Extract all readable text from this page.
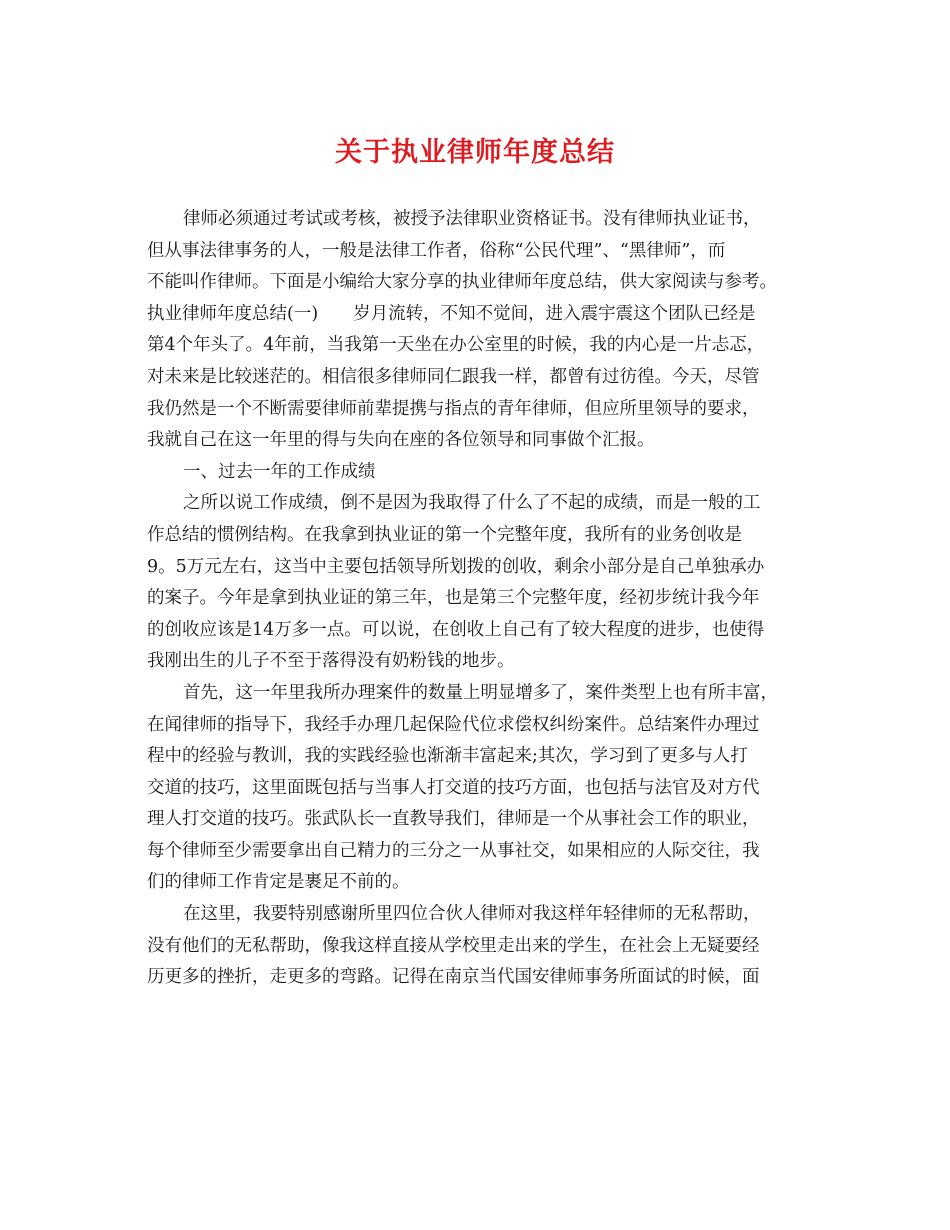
关于执业律师年度总结

律师必须通过考试或考核，被授予法律职业资格证书。没有律师执业证书，
但从事法律事务的人，一般是法律工作者，俗称“公民代理”、“黑律师”，而
不能叫作律师。下面是小编给大家分享的执业律师年度总结，供大家阅读与参考。
执业律师年度总结(一)　　岁月流转，不知不觉间，进入震宇震这个团队已经是
第4个年头了。4年前，当我第一天坐在办公室里的时候，我的内心是一片忐忑，
对未来是比较迷茫的。相信很多律师同仁跟我一样，都曾有过彷徨。今天，尽管
我仍然是一个不断需要律师前辈提携与指点的青年律师，但应所里领导的要求，
我就自己在这一年里的得与失向在座的各位领导和同事做个汇报。

一、过去一年的工作成绩

之所以说工作成绩，倒不是因为我取得了什么了不起的成绩，而是一般的工
作总结的惯例结构。在我拿到执业证的第一个完整年度，我所有的业务创收是
9。5万元左右，这当中主要包括领导所划拨的创收，剩余小部分是自己单独承办
的案子。今年是拿到执业证的第三年，也是第三个完整年度，经初步统计我今年
的创收应该是14万多一点。可以说，在创收上自己有了较大程度的进步，也使得
我刚出生的儿子不至于落得没有奶粉钱的地步。

首先，这一年里我所办理案件的数量上明显增多了，案件类型上也有所丰富，
在闻律师的指导下，我经手办理几起保险代位求偿权纠纷案件。总结案件办理过
程中的经验与教训，我的实践经验也渐渐丰富起来;其次，学习到了更多与人打
交道的技巧，这里面既包括与当事人打交道的技巧方面，也包括与法官及对方代
理人打交道的技巧。张武队长一直教导我们，律师是一个从事社会工作的职业，
每个律师至少需要拿出自己精力的三分之一从事社交，如果相应的人际交往，我
们的律师工作肯定是裹足不前的。

在这里，我要特别感谢所里四位合伙人律师对我这样年轻律师的无私帮助，
没有他们的无私帮助，像我这样直接从学校里走出来的学生，在社会上无疑要经
历更多的挫折，走更多的弯路。记得在南京当代国安律师事务所面试的时候，面
